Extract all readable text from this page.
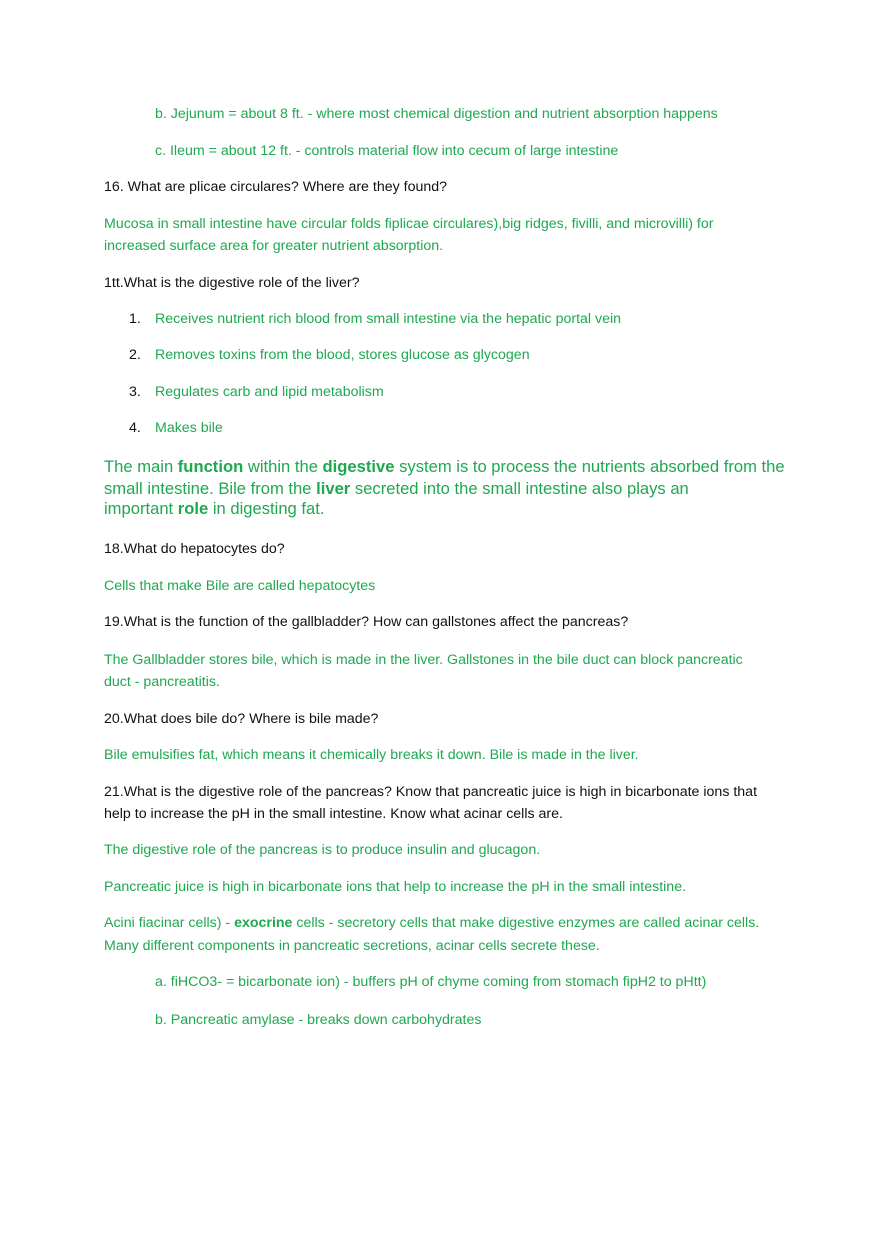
b. Jejunum = about 8 ft. - where most chemical digestion and nutrient absorption happens
c. Ileum = about 12 ft. - controls material flow into cecum of large intestine
16. What are plicae circulares? Where are they found?
Mucosa in small intestine have circular folds fiplicae circulares),big ridges, fivilli, and microvilli) for
increased surface area for greater nutrient absorption.
1tt.What is the digestive role of the liver?
1. Receives nutrient rich blood from small intestine via the hepatic portal vein
2. Removes toxins from the blood, stores glucose as glycogen
3. Regulates carb and lipid metabolism
4. Makes bile
The main function within the digestive system is to process the nutrients absorbed from the
small intestine. Bile from the liver secreted into the small intestine also plays an
important role in digesting fat.
18.What do hepatocytes do?
Cells that make Bile are called hepatocytes
19.What is the function of the gallbladder? How can gallstones affect the pancreas?
The Gallbladder stores bile, which is made in the liver. Gallstones in the bile duct can block pancreatic
duct - pancreatitis.
20.What does bile do? Where is bile made?
Bile emulsifies fat, which means it chemically breaks it down. Bile is made in the liver.
21.What is the digestive role of the pancreas? Know that pancreatic juice is high in bicarbonate ions that
help to increase the pH in the small intestine. Know what acinar cells are.
The digestive role of the pancreas is to produce insulin and glucagon.
Pancreatic juice is high in bicarbonate ions that help to increase the pH in the small intestine.
Acini fiacinar cells) - exocrine cells - secretory cells that make digestive enzymes are called acinar cells.
Many different components in pancreatic secretions, acinar cells secrete these.
a. fiHCO3- = bicarbonate ion) - buffers pH of chyme coming from stomach fipH2 to pHtt)
b. Pancreatic amylase - breaks down carbohydrates
